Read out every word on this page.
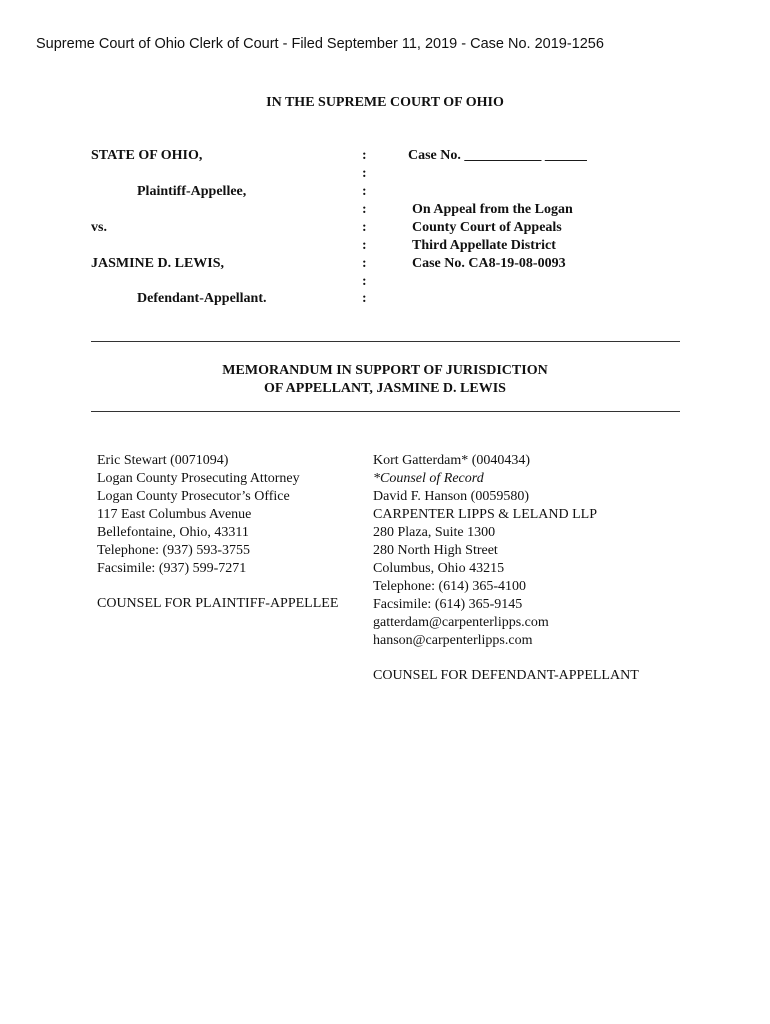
Supreme Court of Ohio Clerk of Court - Filed September 11, 2019 - Case No. 2019-1256
IN THE SUPREME COURT OF OHIO
STATE OF OHIO,
Plaintiff-Appellee,
vs.
JASMINE D. LEWIS,
Defendant-Appellant.
:
:
:
:
:
:
:
:
:
Case No. ___________ ______
On Appeal from the Logan
County Court of Appeals
Third Appellate District
Case No. CA8-19-08-0093
MEMORANDUM IN SUPPORT OF JURISDICTION
OF APPELLANT, JASMINE D. LEWIS
Eric Stewart (0071094)
Logan County Prosecuting Attorney
Logan County Prosecutor’s Office
117 East Columbus Avenue
Bellefontaine, Ohio, 43311
Telephone: (937) 593-3755
Facsimile: (937) 599-7271
COUNSEL FOR PLAINTIFF-APPELLEE
Kort Gatterdam* (0040434)
*Counsel of Record
David F. Hanson (0059580)
CARPENTER LIPPS & LELAND LLP
280 Plaza, Suite 1300
280 North High Street
Columbus, Ohio 43215
Telephone: (614) 365-4100
Facsimile: (614) 365-9145
gatterdam@carpenterlipps.com
hanson@carpenterlipps.com
COUNSEL FOR DEFENDANT-APPELLANT
